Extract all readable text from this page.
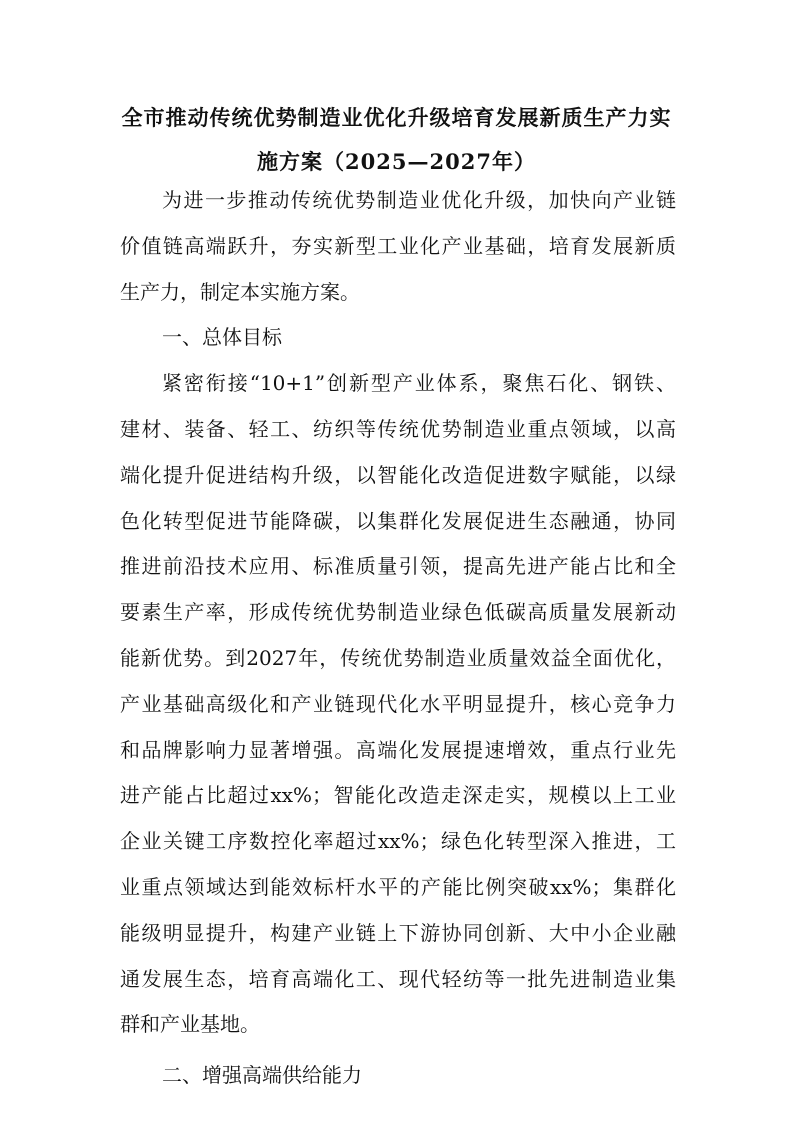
全市推动传统优势制造业优化升级培育发展新质生产力实
施方案（2025—2027年）
为进一步推动传统优势制造业优化升级，加快向产业链
价值链高端跃升，夯实新型工业化产业基础，培育发展新质
生产力，制定本实施方案。
一、总体目标
紧密衔接“10+1”创新型产业体系，聚焦石化、钢铁、
建材、装备、轻工、纺织等传统优势制造业重点领域，以高
端化提升促进结构升级，以智能化改造促进数字赋能，以绿
色化转型促进节能降碳，以集群化发展促进生态融通，协同
推进前沿技术应用、标准质量引领，提高先进产能占比和全
要素生产率，形成传统优势制造业绿色低碳高质量发展新动
能新优势。到2027年，传统优势制造业质量效益全面优化，
产业基础高级化和产业链现代化水平明显提升，核心竞争力
和品牌影响力显著增强。高端化发展提速增效，重点行业先
进产能占比超过xx%；智能化改造走深走实，规模以上工业
企业关键工序数控化率超过xx%；绿色化转型深入推进，工
业重点领域达到能效标杆水平的产能比例突破xx%；集群化
能级明显提升，构建产业链上下游协同创新、大中小企业融
通发展生态，培育高端化工、现代轻纺等一批先进制造业集
群和产业基地。
二、增强高端供给能力
